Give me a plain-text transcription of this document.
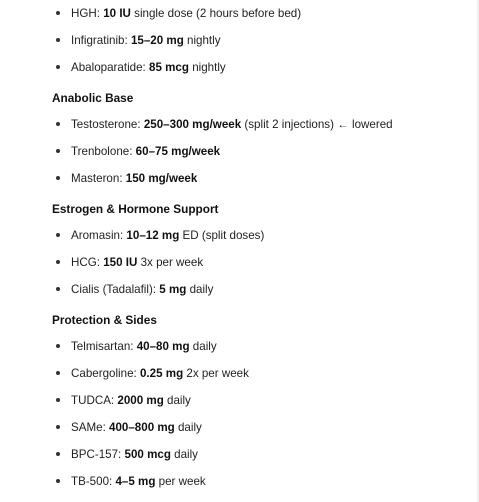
HGH: 10 IU single dose (2 hours before bed)
Infigratinib: 15–20 mg nightly
Abaloparatide: 85 mcg nightly
Anabolic Base
Testosterone: 250–300 mg/week (split 2 injections) ← lowered
Trenbolone: 60–75 mg/week
Masteron: 150 mg/week
Estrogen & Hormone Support
Aromasin: 10–12 mg ED (split doses)
HCG: 150 IU 3x per week
Cialis (Tadalafil): 5 mg daily
Protection & Sides
Telmisartan: 40–80 mg daily
Cabergoline: 0.25 mg 2x per week
TUDCA: 2000 mg daily
SAMe: 400–800 mg daily
BPC-157: 500 mcg daily
TB-500: 4–5 mg per week
